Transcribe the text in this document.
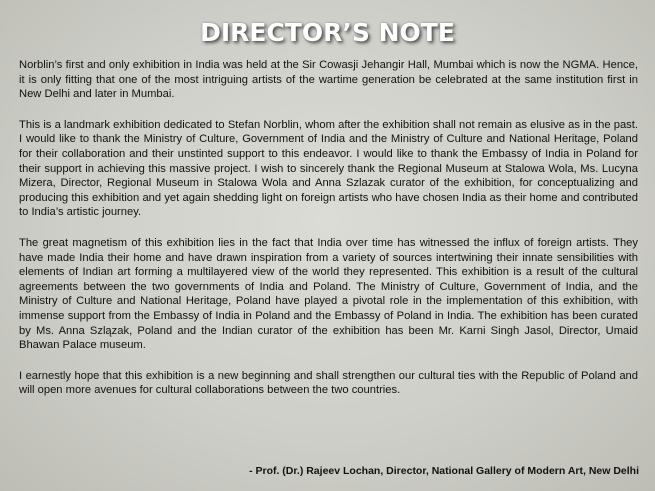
DIRECTOR’S NOTE

Norblin’s first and only exhibition in India was held at the Sir Cowasji Jehangir Hall, Mumbai which is now the NGMA. Hence, it is only fitting that one of the most intriguing artists of the wartime generation be celebrated at the same institution first in New Delhi and later in Mumbai.

This is a landmark exhibition dedicated to Stefan Norblin, whom after the exhibition shall not remain as elusive as in the past. I would like to thank the Ministry of Culture, Government of India and the Ministry of Culture and National Heritage, Poland for their collaboration and their unstinted support to this endeavor. I would like to thank the Embassy of India in Poland for their support in achieving this massive project. I wish to sincerely thank the Regional Museum at Stalowa Wola, Ms. Lucyna Mizera, Director, Regional Museum in Stalowa Wola and Anna Szlazak curator of the exhibition, for conceptualizing and producing this exhibition and yet again shedding light on foreign artists who have chosen India as their home and contributed to India’s artistic journey.

The great magnetism of this exhibition lies in the fact that India over time has witnessed the influx of foreign artists. They have made India their home and have drawn inspiration from a variety of sources intertwining their innate sensibilities with elements of Indian art forming a multilayered view of the world they represented. This exhibition is a result of the cultural agreements between the two governments of India and Poland. The Ministry of Culture, Government of India, and the Ministry of Culture and National Heritage, Poland have played a pivotal role in the implementation of this exhibition, with immense support from the Embassy of India in Poland and the Embassy of Poland in India. The exhibition has been curated by Ms. Anna Szlązak, Poland and the Indian curator of the exhibition has been Mr. Karni Singh Jasol, Director, Umaid Bhawan Palace museum.

I earnestly hope that this exhibition is a new beginning and shall strengthen our cultural ties with the Republic of Poland and will open more avenues for cultural collaborations between the two countries.

- Prof. (Dr.) Rajeev Lochan, Director, National Gallery of Modern Art, New Delhi
